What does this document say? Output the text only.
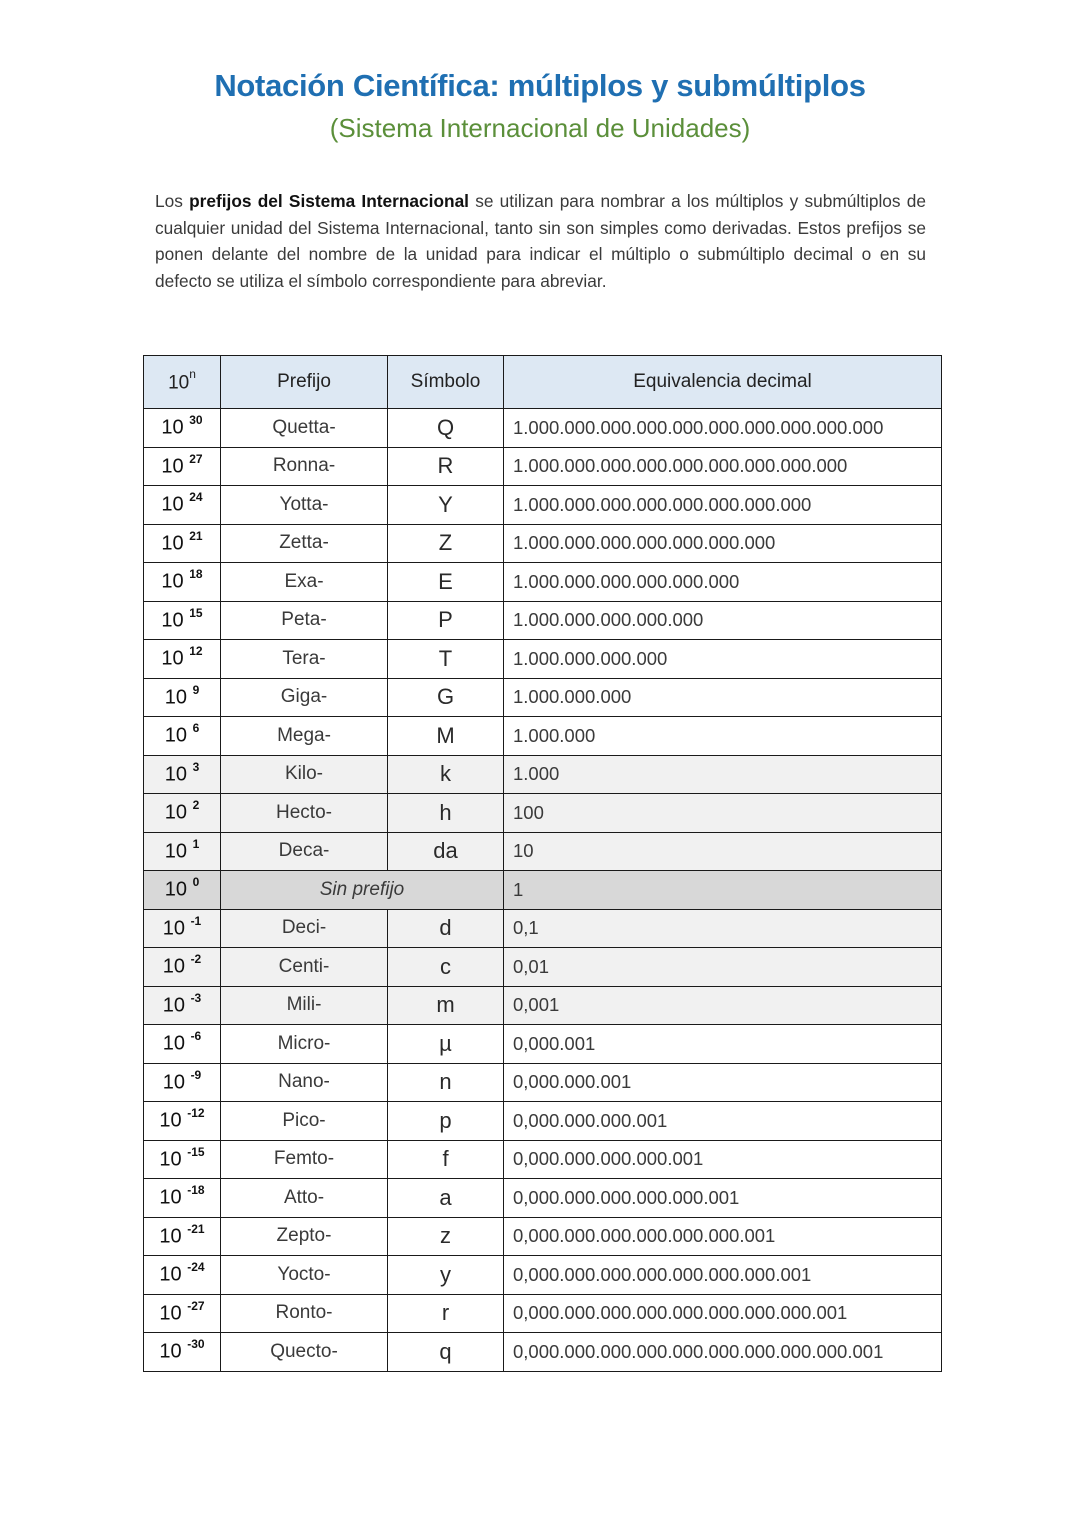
Notación Científica: múltiplos y submúltiplos
(Sistema Internacional de Unidades)
Los prefijos del Sistema Internacional se utilizan para nombrar a los múltiplos y submúltiplos de cualquier unidad del Sistema Internacional, tanto sin son simples como derivadas. Estos prefijos se ponen delante del nombre de la unidad para indicar el múltiplo o submúltiplo decimal o en su defecto se utiliza el símbolo correspondiente para abreviar.
10$^n$	Prefijo	Símbolo	Equivalencia decimal
10 $^{30}$	Quetta-	Q	1.000.000.000.000.000.000.000.000.000.000
10 $^{27}$	Ronna-	R	1.000.000.000.000.000.000.000.000.000
10 $^{24}$	Yotta-	Y	1.000.000.000.000.000.000.000.000
10 $^{21}$	Zetta-	Z	1.000.000.000.000.000.000.000
10 $^{18}$	Exa-	E	1.000.000.000.000.000.000
10 $^{15}$	Peta-	P	1.000.000.000.000.000
10 $^{12}$	Tera-	T	1.000.000.000.000
10 $^9$	Giga-	G	1.000.000.000
10 $^6$	Mega-	M	1.000.000
10 $^3$	Kilo-	k	1.000
10 $^2$	Hecto-	h	100
10 $^1$	Deca-	da	10
10 $^0$	Sin prefijo		1
10 $^{-1}$	Deci-	d	0,1
10 $^{-2}$	Centi-	c	0,01
10 $^{-3}$	Mili-	m	0,001
10 $^{-6}$	Micro-	µ	0,000.001
10 $^{-9}$	Nano-	n	0,000.000.001
10 $^{-12}$	Pico-	p	0,000.000.000.001
10 $^{-15}$	Femto-	f	0,000.000.000.000.001
10 $^{-18}$	Atto-	a	0,000.000.000.000.000.001
10 $^{-21}$	Zepto-	z	0,000.000.000.000.000.000.001
10 $^{-24}$	Yocto-	y	0,000.000.000.000.000.000.000.001
10 $^{-27}$	Ronto-	r	0,000.000.000.000.000.000.000.000.001
10 $^{-30}$	Quecto-	q	0,000.000.000.000.000.000.000.000.000.001
